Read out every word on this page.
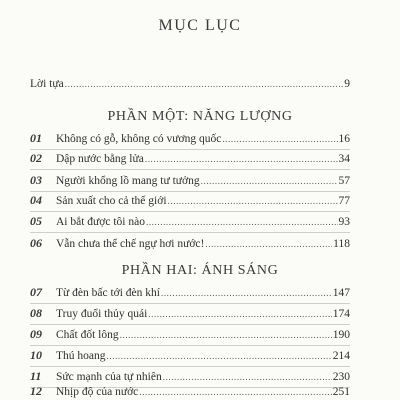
MỤC LỤC
Lời tựa .....	9
PHẦN MỘT: NĂNG LƯỢNG
01	Không có gỗ, không có vương quốc .....	16
02	Dập nước bằng lửa .....	34
03	Người khổng lồ mang tư tưởng .....	57
04	Sản xuất cho cả thế giới .....	77
05	Ai bắt được tôi nào .....	93
06	Vẫn chưa thể chế ngự hơi nước! .....	118
PHẦN HAI: ÁNH SÁNG
07	Từ đèn bấc tới đèn khí .....	147
08	Truy đuổi thủy quái .....	174
09	Chất đốt lông .....	190
10	Thú hoang .....	214
11	Sức mạnh của tự nhiên .....	230
12	Nhịp độ của nước .....	251
